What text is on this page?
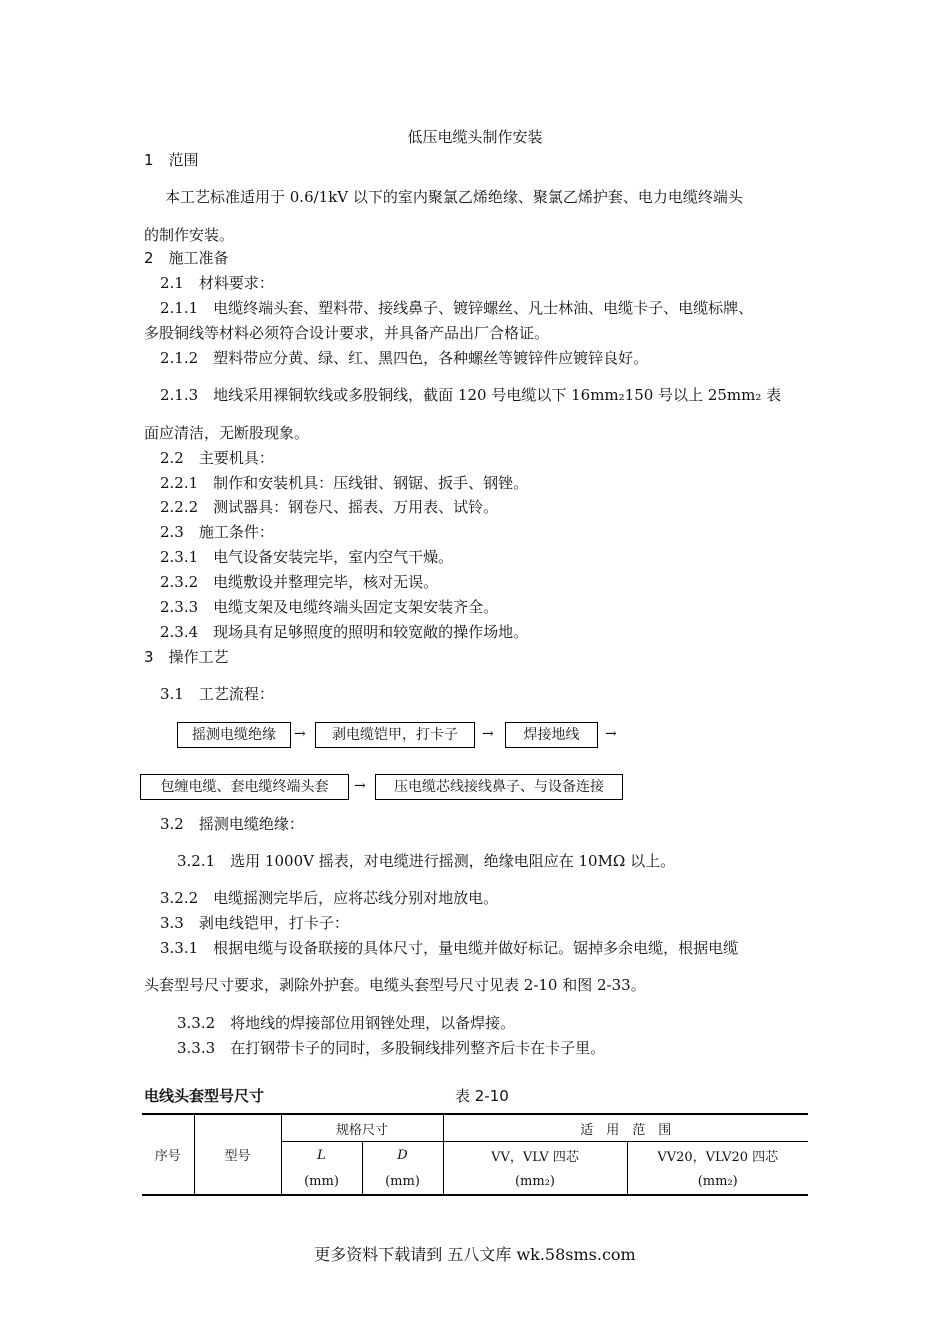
低压电缆头制作安装
1　范围
本工艺标准适用于 0.6/1kV 以下的室内聚氯乙烯绝缘、聚氯乙烯护套、电力电缆终端头
的制作安装。
2　施工准备
2.1　材料要求：
2.1.1　电缆终端头套、塑料带、接线鼻子、镀锌螺丝、凡士林油、电缆卡子、电缆标牌、
多股铜线等材料必须符合设计要求，并具备产品出厂合格证。
2.1.2　塑料带应分黄、绿、红、黑四色，各种螺丝等镀锌件应镀锌良好。
2.1.3　地线采用裸铜软线或多股铜线，截面 120 号电缆以下 16mm₂150 号以上 25mm₂ 表
面应清洁，无断股现象。
2.2　主要机具：
2.2.1　制作和安装机具：压线钳、钢锯、扳手、钢锉。
2.2.2　测试器具：钢卷尺、摇表、万用表、试铃。
2.3　施工条件：
2.3.1　电气设备安装完毕，室内空气干燥。
2.3.2　电缆敷设并整理完毕，核对无误。
2.3.3　电缆支架及电缆终端头固定支架安装齐全。
2.3.4　现场具有足够照度的照明和较宽敞的操作场地。
3　操作工艺
3.1　工艺流程：
摇测电缆绝缘	→	剥电缆铠甲，打卡子	→	焊接地线	→
包缠电缆、套电缆终端头套	→	压电缆芯线接线鼻子、与设备连接
3.2　摇测电缆绝缘：
3.2.1　选用 1000V 摇表，对电缆进行摇测，绝缘电阻应在 10MΩ 以上。
3.2.2　电缆摇测完毕后，应将芯线分别对地放电。
3.3　剥电线铠甲，打卡子：
3.3.1　根据电缆与设备联接的具体尺寸，量电缆并做好标记。锯掉多余电缆，根据电缆
头套型号尺寸要求，剥除外护套。电缆头套型号尺寸见表 2-10 和图 2-33。
3.3.2　将地线的焊接部位用钢锉处理，以备焊接。
3.3.3　在打钢带卡子的同时，多股铜线排列整齐后卡在卡子里。
电线头套型号尺寸	表 2-10
序号	型号	规格尺寸		适　用　范　围	
		L	D	VV，VLV 四芯	VV20，VLV20 四芯
		(mm)	(mm)	(mm₂)	(mm₂)
更多资料下载请到 五八文库 wk.58sms.com
